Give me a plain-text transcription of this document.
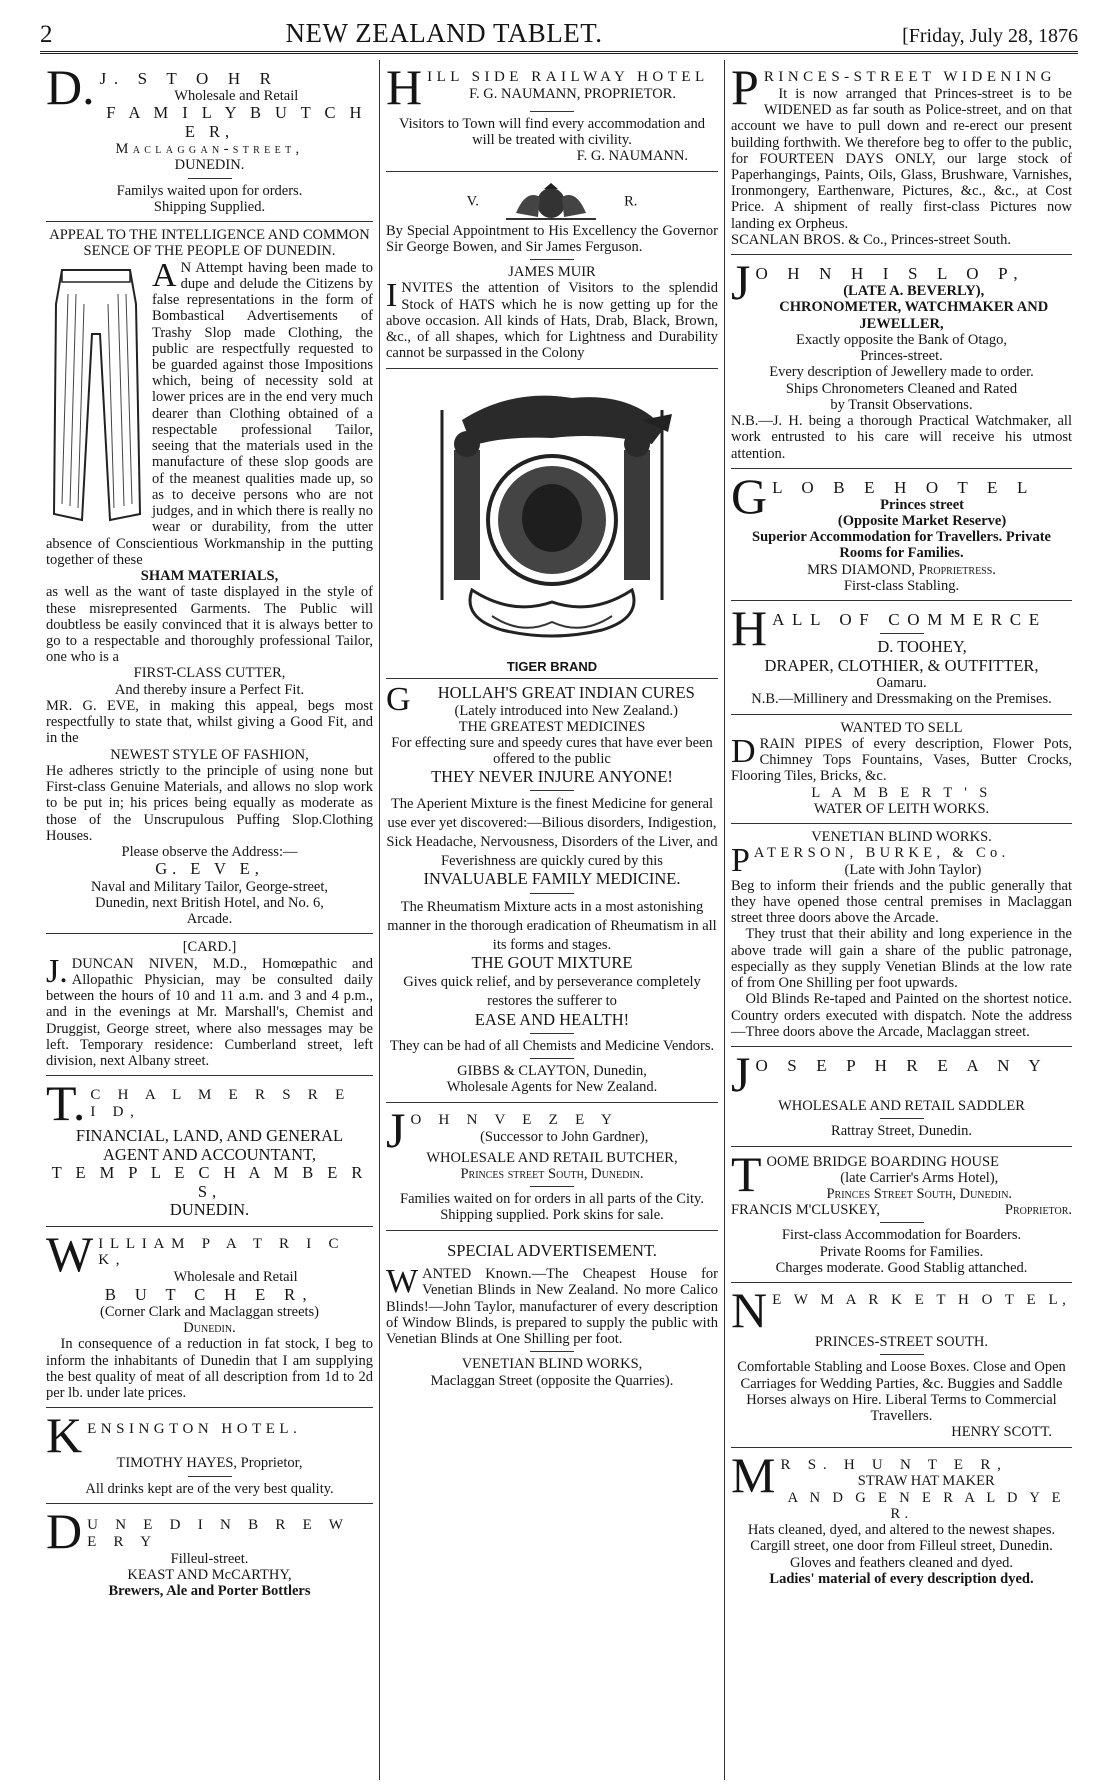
2	NEW ZEALAND TABLET.	[Friday, July 28, 1876
D. J. S T O H R
Wholesale and Retail
F A M I L Y B U T C H E R,
Maclaggan-street,
DUNEDIN.
Familys waited upon for orders.
Shipping Supplied.
APPEAL TO THE INTELLIGENCE AND COMMON SENCE OF THE PEOPLE OF DUNEDIN.
A N Attempt having been made to dupe and delude the Citizens by false representations in the form of Bombastical Advertisements of Trashy Slop made Clothing, the public are respectfully requested to be guarded against those Impositions which, being of necessity sold at lower prices are in the end very much dearer than Clothing obtained of a respectable professional Tailor, seeing that the materials used in the manufacture of these slop goods are of the meanest qualities made up, so as to deceive persons who are not judges, and in which there is really no wear or durability, from the utter absence of Conscientious Workmanship in the putting together of these
SHAM MATERIALS,
as well as the want of taste displayed in the style of these misrepresented Garments. The Public will doubtless be easily convinced that it is always better to go to a respectable and thoroughly professional Tailor, one who is a
FIRST-CLASS CUTTER,
And thereby insure a Perfect Fit.
MR. G. EVE, in making this appeal, begs most respectfully to state that, whilst giving a Good Fit, and in the
NEWEST STYLE OF FASHION,
He adheres strictly to the principle of using none but First-class Genuine Materials, and allows no slop work to be put in; his prices being equally as moderate as those of the Unscrupulous Puffing Slop.Clothing Houses.
Please observe the Address:—
G. E V E,
Naval and Military Tailor, George-street,
Dunedin, next British Hotel, and No. 6,
Arcade.
[CARD.]
J. DUNCAN NIVEN, M.D., Homœpathic and Allopathic Physician, may be consulted daily between the hours of 10 and 11 a.m. and 3 and 4 p.m., and in the evenings at Mr. Marshall's, Chemist and Druggist, George street, where also messages may be left. Temporary residence: Cumberland street, left division, next Albany street.
T. C H A L M E R S R E I D,
FINANCIAL, LAND, AND GENERAL
AGENT AND ACCOUNTANT,
T E M P L E C H A M B E R S,
DUNEDIN.
W ILLIAM P A T R I C K,
Wholesale and Retail
B U T C H E R,
(Corner Clark and Maclaggan streets)
Dunedin.
In consequence of a reduction in fat stock, I beg to inform the inhabitants of Dunedin that I am supplying the best quality of meat of all description from 1d to 2d per lb. under late prices.
K ENSINGTON HOTEL.
TIMOTHY HAYES, Proprietor,
All drinks kept are of the very best quality.
D U N E D I N B R E W E R Y
Filleul-street.
KEAST AND McCARTHY,
Brewers, Ale and Porter Bottlers
H ILL SIDE RAILWAY HOTEL
F. G. NAUMANN, PROPRIETOR.
Visitors to Town will find every accommodation and will be treated with civility.
F. G. NAUMANN.
V.	R.
By Special Appointment to His Excellency the Governor Sir George Bowen, and Sir James Ferguson.
JAMES MUIR
I NVITES the attention of Visitors to the splendid Stock of HATS which he is now getting up for the above occasion. All kinds of Hats, Drab, Black, Brown, &c., of all shapes, which for Lightness and Durability cannot be surpassed in the Colony
TIGER BRAND
G	HOLLAH'S GREAT INDIAN CURES
(Lately introduced into New Zealand.)
THE GREATEST MEDICINES
For effecting sure and speedy cures that have ever been offered to the public
THEY NEVER INJURE ANYONE!
The Aperient Mixture is the finest Medicine for general use ever yet discovered:—Bilious disorders, Indigestion, Sick Headache, Nervousness, Disorders of the Liver, and Feverishness are quickly cured by this
INVALUABLE FAMILY MEDICINE.
The Rheumatism Mixture acts in a most astonishing manner in the thorough eradication of Rheumatism in all its forms and stages.
THE GOUT MIXTURE
Gives quick relief, and by perseverance completely restores the sufferer to
EASE AND HEALTH!
They can be had of all Chemists and Medicine Vendors.
GIBBS & CLAYTON, Dunedin,
Wholesale Agents for New Zealand.
J O H N V E Z E Y
(Successor to John Gardner),
WHOLESALE AND RETAIL BUTCHER,
Princes street South, Dunedin.
Families waited on for orders in all parts of the City.
Shipping supplied. Pork skins for sale.
SPECIAL ADVERTISEMENT.
W ANTED Known.—The Cheapest House for Venetian Blinds in New Zealand. No more Calico Blinds!—John Taylor, manufacturer of every description of Window Blinds, is prepared to supply the public with Venetian Blinds at One Shilling per foot.
VENETIAN BLIND WORKS,
Maclaggan Street (opposite the Quarries).
P RINCES-STREET WIDENING
It is now arranged that Princes-street is to be WIDENED as far south as Police-street, and on that account we have to pull down and re-erect our present building forthwith. We therefore beg to offer to the public, for FOURTEEN DAYS ONLY, our large stock of Paperhangings, Paints, Oils, Glass, Brushware, Varnishes, Ironmongery, Earthenware, Pictures, &c., &c., at Cost Price. A shipment of really first-class Pictures now landing ex Orpheus.
SCANLAN BROS. & Co., Princes-street South.
J O H N H I S L O P,
(LATE A. BEVERLY),
CHRONOMETER, WATCHMAKER AND
JEWELLER,
Exactly opposite the Bank of Otago,
Princes-street.
Every description of Jewellery made to order.
Ships Chronometers Cleaned and Rated
by Transit Observations.
N.B.—J. H. being a thorough Practical Watchmaker, all work entrusted to his care will receive his utmost attention.
G L O B E H O T E L
Princes street
(Opposite Market Reserve)
Superior Accommodation for Travellers. Private Rooms for Families.
MRS DIAMOND, Proprietress.
First-class Stabling.
H ALL OF COMMERCE
D. TOOHEY,
DRAPER, CLOTHIER, & OUTFITTER,
Oamaru.
N.B.—Millinery and Dressmaking on the Premises.
WANTED TO SELL
D RAIN PIPES of every description, Flower Pots, Chimney Tops Fountains, Vases, Butter Crocks, Flooring Tiles, Bricks, &c.
L A M B E R T ' S
WATER OF LEITH WORKS.
VENETIAN BLIND WORKS.
P ATERSON, BURKE, & Co.
(Late with John Taylor)
Beg to inform their friends and the public generally that they have opened those central premises in Maclaggan street three doors above the Arcade.
They trust that their ability and long experience in the above trade will gain a share of the public patronage, especially as they supply Venetian Blinds at the low rate of from One Shilling per foot upwards.
Old Blinds Re-taped and Painted on the shortest notice. Country orders executed with dispatch. Note the address—Three doors above the Arcade, Maclaggan street.
J O S E P H R E A N Y
WHOLESALE AND RETAIL SADDLER
Rattray Street, Dunedin.
T OOME BRIDGE BOARDING HOUSE
(late Carrier's Arms Hotel),
Princes Street South, Dunedin.
FRANCIS M'CLUSKEY,	Proprietor.
First-class Accommodation for Boarders.
Private Rooms for Families.
Charges moderate. Good Stablig attanched.
N E W M A R K E T H O T E L,
PRINCES-STREET SOUTH.
Comfortable Stabling and Loose Boxes. Close and Open Carriages for Wedding Parties, &c. Buggies and Saddle Horses always on Hire. Liberal Terms to Commercial Travellers.
HENRY SCOTT.
M R S. H U N T E R,
STRAW HAT MAKER
A N D G E N E R A L D Y E R.
Hats cleaned, dyed, and altered to the newest shapes.
Cargill street, one door from Filleul street, Dunedin.
Gloves and feathers cleaned and dyed.
Ladies' material of every description dyed.
